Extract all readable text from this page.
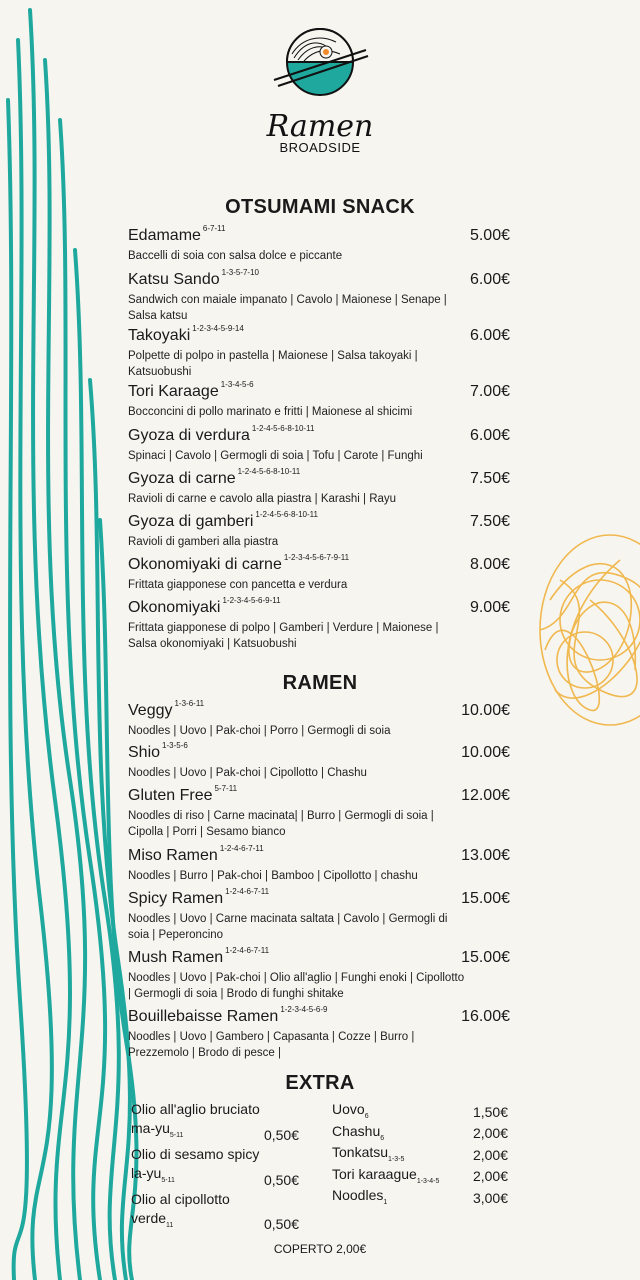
Ramen
BROADSIDE
OTSUMAMI SNACK
Edamame $^{6-7-11}$	5.00€
Baccelli di soia con salsa dolce e piccante
Katsu Sando $^{1-3-5-7-10}$	6.00€
Sandwich con maiale impanato | Cavolo | Maionese | Senape | Salsa katsu
Takoyaki $^{1-2-3-4-5-9-14}$	6.00€
Polpette di polpo in pastella | Maionese | Salsa takoyaki | Katsuobushi
Tori Karaage $^{1-3-4-5-6}$	7.00€
Bocconcini di pollo marinato e fritti | Maionese al shicimi
Gyoza di verdura $^{1-2-4-5-6-8-10-11}$	6.00€
Spinaci | Cavolo | Germogli di soia | Tofu | Carote | Funghi
Gyoza di carne $^{1-2-4-5-6-8-10-11}$	7.50€
Ravioli di carne e cavolo alla piastra | Karashi | Rayu
Gyoza di gamberi $^{1-2-4-5-6-8-10-11}$	7.50€
Ravioli di gamberi alla piastra
Okonomiyaki di carne $^{1-2-3-4-5-6-7-9-11}$	8.00€
Frittata giapponese con pancetta e verdura
Okonomiyaki $^{1-2-3-4-5-6-9-11}$	9.00€
Frittata giapponese di polpo | Gamberi | Verdure | Maionese | Salsa okonomiyaki | Katsuobushi
RAMEN
Veggy $^{1-3-6-11}$	10.00€
Noodles | Uovo | Pak-choi | Porro | Germogli di soia
Shio $^{1-3-5-6}$	10.00€
Noodles | Uovo | Pak-choi | Cipollotto | Chashu
Gluten Free $^{5-7-11}$	12.00€
Noodles di riso | Carne macinata| | Burro | Germogli di soia | Cipolla | Porri | Sesamo bianco
Miso Ramen $^{1-2-4-6-7-11}$	13.00€
Noodles | Burro | Pak-choi | Bamboo | Cipollotto | chashu
Spicy Ramen $^{1-2-4-6-7-11}$	15.00€
Noodles | Uovo | Carne macinata saltata | Cavolo | Germogli di soia | Peperoncino
Mush Ramen $^{1-2-4-6-7-11}$	15.00€
Noodles | Uovo | Pak-choi | Olio all'aglio | Funghi enoki | Cipollotto | Germogli di soia | Brodo di funghi shitake
Bouillebaisse Ramen $^{1-2-3-4-5-6-9}$	16.00€
Noodles | Uovo | Gambero | Capasanta | Cozze | Burro | Prezzemolo | Brodo di pesce |
EXTRA
Olio all'aglio bruciato
$ma-yu_{5-11}$	0,50€
Olio di sesamo spicy
$la-yu_{5-11}$	0,50€
Olio al cipollotto
verde$_{11}$	0,50€
Uovo$_6$	1,50€
Chashu$_6$	2,00€
Tonkatsu$_{1-3-5}$	2,00€
Tori karaague$_{1-3-4-5}$ 2,00€
Noodles$_1$	3,00€
COPERTO 2,00€
